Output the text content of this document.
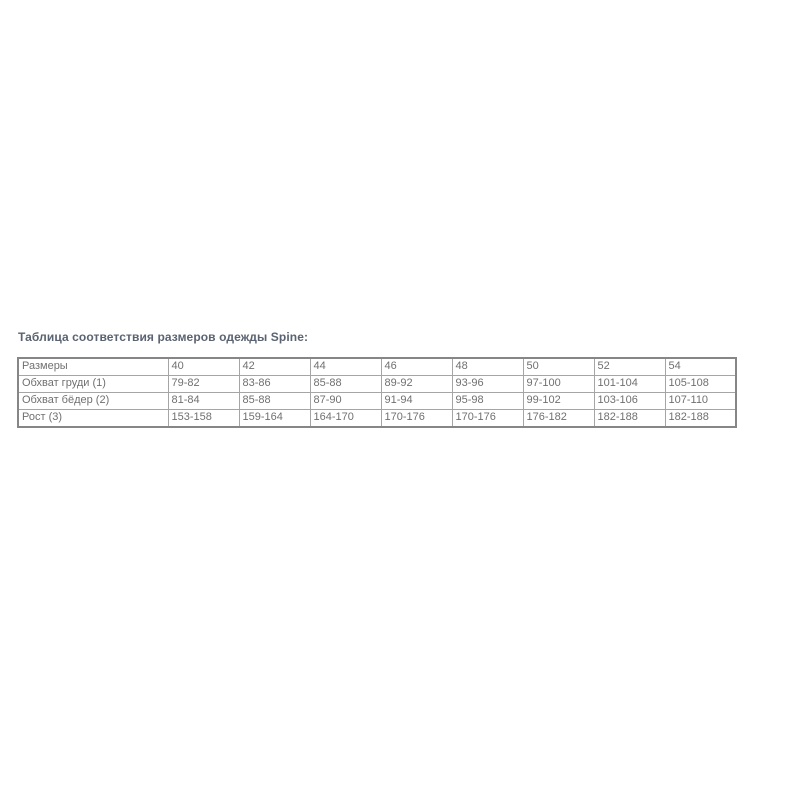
Таблица соответствия размеров одежды Spine:

Размеры	40	42	44	46	48	50	52	54
Обхват груди (1)	79-82	83-86	85-88	89-92	93-96	97-100	101-104	105-108
Обхват бёдер (2)	81-84	85-88	87-90	91-94	95-98	99-102	103-106	107-110
Рост (3)	153-158	159-164	164-170	170-176	170-176	176-182	182-188	182-188
